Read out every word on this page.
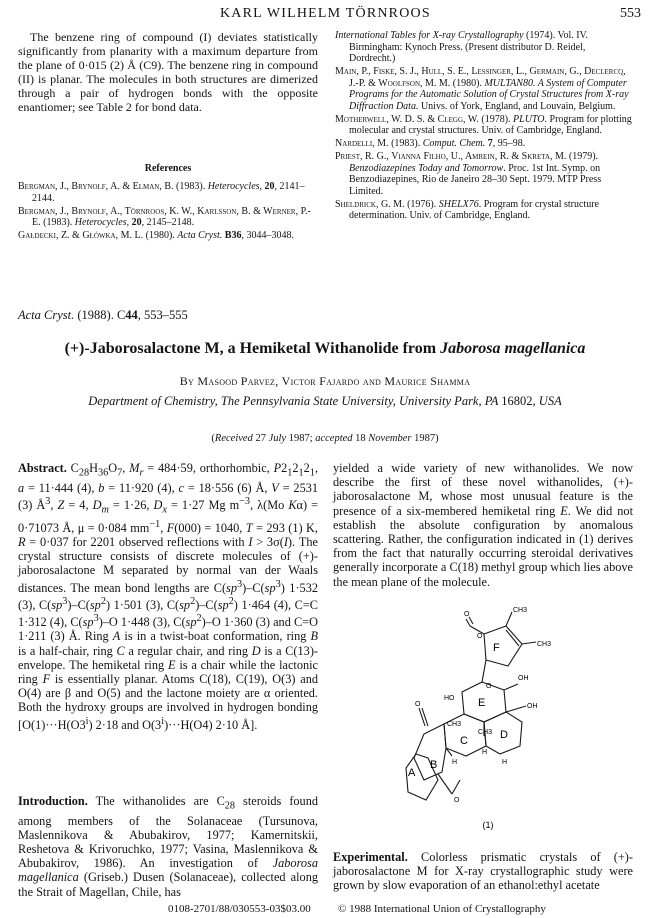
KARL WILHELM TÖRNROOS	553
The benzene ring of compound (I) deviates statistically significantly from planarity with a maximum departure from the plane of 0·015 (2) Å (C9). The benzene ring in compound (II) is planar. The molecules in both structures are dimerized through a pair of hydrogen bonds with the opposite enantiomer; see Table 2 for bond data.
References

Bergman, J., Brynolf, A. & Elman, B. (1983). Heterocycles, 20, 2141–2144.

Bergman, J., Brynolf, A., Törnroos, K. W., Karlsson, B. & Werner, P.-E. (1983). Heterocycles, 20, 2145–2148.

Gałdecki, Z. & Główka, M. L. (1980). Acta Cryst. B36, 3044–3048.

International Tables for X-ray Crystallography (1974). Vol. IV. Birmingham: Kynoch Press. (Present distributor D. Reidel, Dordrecht.)

Main, P., Fiske, S. J., Hull, S. E., Lessinger, L., Germain, G., Declercq, J.-P. & Woolfson, M. M. (1980). MULTAN80. A System of Computer Programs for the Automatic Solution of Crystal Structures from X-ray Diffraction Data. Univs. of York, England, and Louvain, Belgium.

Motherwell, W. D. S. & Clegg, W. (1978). PLUTO. Program for plotting molecular and crystal structures. Univ. of Cambridge, England.

Nardelli, M. (1983). Comput. Chem. 7, 95–98.

Priest, R. G., Vianna Filho, U., Amrein, R. & Skreta, M. (1979). Benzodiazepines Today and Tomorrow. Proc. 1st Int. Symp. on Benzodiazepines, Rio de Janeiro 28–30 Sept. 1979. MTP Press Limited.

Sheldrick, G. M. (1976). SHELX76. Program for crystal structure determination. Univ. of Cambridge, England.

Acta Cryst. (1988). C44, 553–555
(+)-Jaborosalactone M, a Hemiketal Withanolide from Jaborosa magellanica
By Masood Parvez, Victor Fajardo and Maurice Shamma
Department of Chemistry, The Pennsylvania State University, University Park, PA 16802, USA
(Received 27 July 1987; accepted 18 November 1987)

Abstract. $C_{28}H_{36}O_7$, $M_r = 484\cdot 59$, orthorhombic, $P2_12_12_1$, a = 11·444 (4), b = 11·920 (4), c = 18·556 (6) Å, V = 2531 (3) $Å^3$, Z = 4, $D_m = 1\cdot 26$, $D_x = 1\cdot 27$ Mg $m^{-3}$, λ(Mo Kα) = 0·71073 Å, μ = 0·084 $mm^{-1}$, F(000) = 1040, T = 293 (1) K, R = 0·037 for 2201 observed reflections with I > 3σ(I). The crystal structure consists of discrete molecules of (+)-jaborosalactone M separated by normal van der Waals distances. The mean bond lengths are $C(sp^3)-C(sp^3)$ 1·532 (3), $C(sp^3)-C(sp^2)$ 1·501 (3), $C(sp^2)-C(sp^2)$ 1·464 (4), C=C 1·312 (4), $C(sp^3)-O$ 1·448 (3), $C(sp^2)-O$ 1·360 (3) and C=O 1·211 (3) Å. Ring A is in a twist-boat conformation, ring B is a half-chair, ring C a regular chair, and ring D is a C(13)-envelope. The hemiketal ring E is a chair while the lactonic ring F is essentially planar. Atoms C(18), C(19), O(3) and O(4) are β and O(5) and the lactone moiety are α oriented. Both the hydroxy groups are involved in hydrogen bonding [$O(1)\cdot\cdot\cdot H(O3^i)$ 2·18 and $O(3^i)\cdot\cdot\cdot H(O4)$ 2·10 Å].

Introduction. The withanolides are $C_{28}$ steroids found among members of the Solanaceae (Tursunova, Maslennikova & Abubakirov, 1977; Kamernitskii, Reshetova & Krivoruchko, 1977; Vasina, Maslennikova & Abubakirov, 1986). An investigation of Jaborosa magellanica (Griseb.) Dusen (Solanaceae), collected along the Strait of Magellan, Chile, has

yielded a wide variety of new withanolides. We now describe the first of these novel withanolides, (+)-jaborosalactone M, whose most unusual feature is the presence of a six-membered hemiketal ring E. We did not establish the absolute configuration by anomalous scattering. Rather, the configuration indicated in (1) derives from the fact that naturally occurring steroidal derivatives generally incorporate a C(18) methyl group which lies above the mean plane of the molecule.

F
E
C	D
B
A
O
O
O
O
O
HO
OH
OH
CH3
CH3
CH3
CH3
H
H
H
(1)

Experimental. Colorless prismatic crystals of (+)-jaborosalactone M for X-ray crystallographic study were grown by slow evaporation of an ethanol:ethyl acetate

0108-2701/88/030553-03$03.00 © 1988 International Union of Crystallography
